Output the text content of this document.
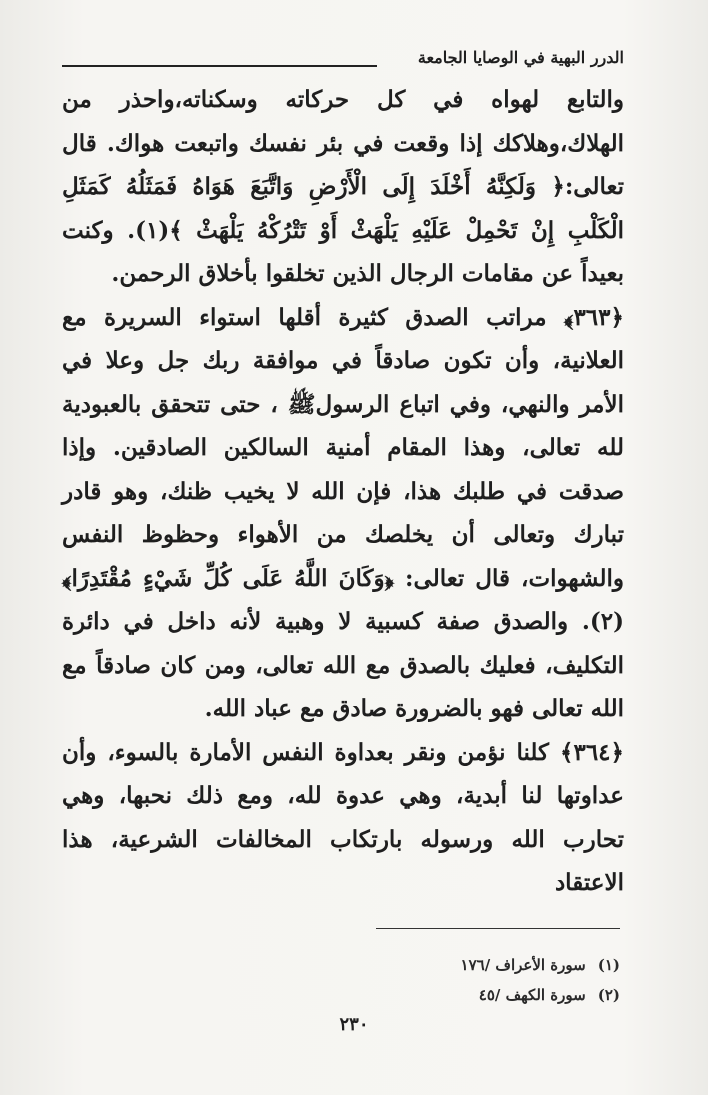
الدرر البهية في الوصايا الجامعة

والتابع لهواه في كل حركاته وسكناته،واحذر من الهلاك،وهلاكك إذا وقعت في بئر نفسك واتبعت هواك. قال تعالى:﴿ وَلَكِنَّهُ أَخْلَدَ إِلَى الْأَرْضِ وَاتَّبَعَ هَوَاهُ فَمَثَلُهُ كَمَثَلِ الْكَلْبِ إِنْ تَحْمِلْ عَلَيْهِ يَلْهَثْ أَوْ تَتْرُكْهُ يَلْهَثْ ﴾(١). وكنت بعيداً عن مقامات الرجال الذين تخلقوا بأخلاق الرحمن.

﴿٣٦٣﴾ مراتب الصدق كثيرة أقلها استواء السريرة مع العلانية، وأن تكون صادقاً في موافقة ربك جل وعلا في الأمر والنهي، وفي اتباع الرسولﷺ ، حتى تتحقق بالعبودية لله تعالى، وهذا المقام أمنية السالكين الصادقين. وإذا صدقت في طلبك هذا، فإن الله لا يخيب ظنك، وهو قادر تبارك وتعالى أن يخلصك من الأهواء وحظوظ النفس والشهوات، قال تعالى: ﴿وَكَانَ اللَّهُ عَلَى كُلِّ شَيْءٍ مُقْتَدِرًا﴾ (٢). والصدق صفة كسبية لا وهبية لأنه داخل في دائرة التكليف، فعليك بالصدق مع الله تعالى، ومن كان صادقاً مع الله تعالى فهو بالضرورة صادق مع عباد الله.

﴿٣٦٤﴾ كلنا نؤمن ونقر بعداوة النفس الأمارة بالسوء، وأن عداوتها لنا أبدية، وهي عدوة لله، ومع ذلك نحبها، وهي تحارب الله ورسوله بارتكاب المخالفات الشرعية، هذا الاعتقاد

(١)
سورة الأعراف /١٧٦
(٢)
سورة الكهف /٤٥
٢٣٠
